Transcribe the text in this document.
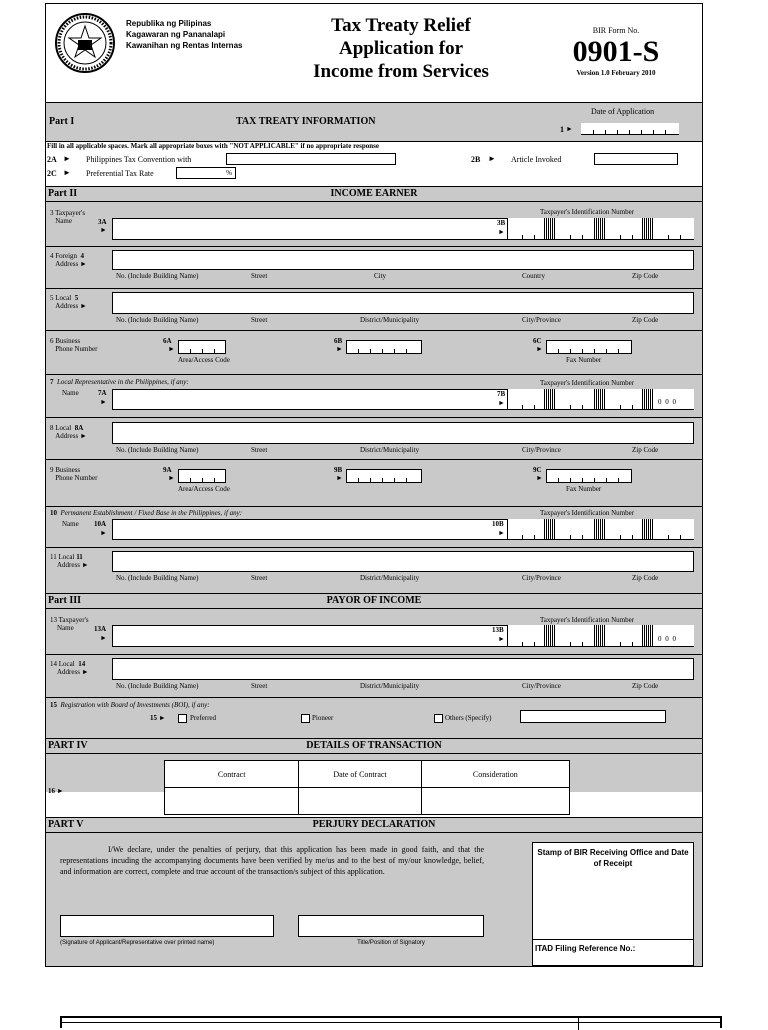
Republika ng Pilipinas
Kagawaran ng Pananalapi
Kawanihan ng Rentas Internas
Tax Treaty Relief
Application for
Income from Services
BIR Form No.
0901-S
Version 1.0 February 2010
Part I	TAX TREATY INFORMATION
Date of Application
1 ►
Fill in all applicable spaces. Mark all appropriate boxes with "NOT APPLICABLE" if no appropriate response
2A ► Philippines Tax Convention with	2B ► Article Invoked
2C ► Preferential Tax Rate	%
Part II	INCOME EARNER
3 Taxpayer's
Name	3A
►
Taxpayer's Identification Number
3B
►
4 Foreign 4
Address ►
No. (Include Building Name)	Street	City	Country	Zip Code
5 Local 5
Address ►
No. (Include Building Name)	Street	District/Municipality	City/Province	Zip Code
6 Business
Phone Number
6A
►
Area/Access Code
6B
►
6C
►
Fax Number
7 Local Representative in the Philippines, if any:
Name	7A
►
Taxpayer's Identification Number
7B
►	0 0 0
8 Local 8A
Address ►
No. (Include Building Name)	Street	District/Municipality	City/Province	Zip Code
9 Business
Phone Number
9A
►
Area/Access Code
9B
►
9C
►
Fax Number
10 Permanent Establishment / Fixed Base in the Philippines, if any:
Name 10A
►
Taxpayer's Identification Number
10B
►
11 Local 11
Address ►
No. (Include Building Name)	Street	District/Municipality	City/Province	Zip Code
Part III	PAYOR OF INCOME
13 Taxpayer's
Name	13A
►
Taxpayer's Identification Number
13B
►	0 0 0
14 Local 14
Address ►
No. (Include Building Name)	Street	District/Municipality	City/Province	Zip Code
15 Registration with Board of Investments (BOI), if any:
15 ►	Preferred	Pioneer	Others (Specify)
PART IV	DETAILS OF TRANSACTION
16 ►
Contract	Date of Contract	Consideration

PART V	PERJURY DECLARATION
I/We declare, under the penalties of perjury, that this application has been made in good faith, and that the representations incuding the accompanying documents have been verified by me/us and to the best of my/our knowledge, belief, and information are correct, complete and true account of the transaction/s subject of this application.
(Signature of Applicant/Representative over printed name)	Title/Position of Signatory
Stamp of BIR Receiving Office and Date of Receipt
ITAD Filing Reference No.:
